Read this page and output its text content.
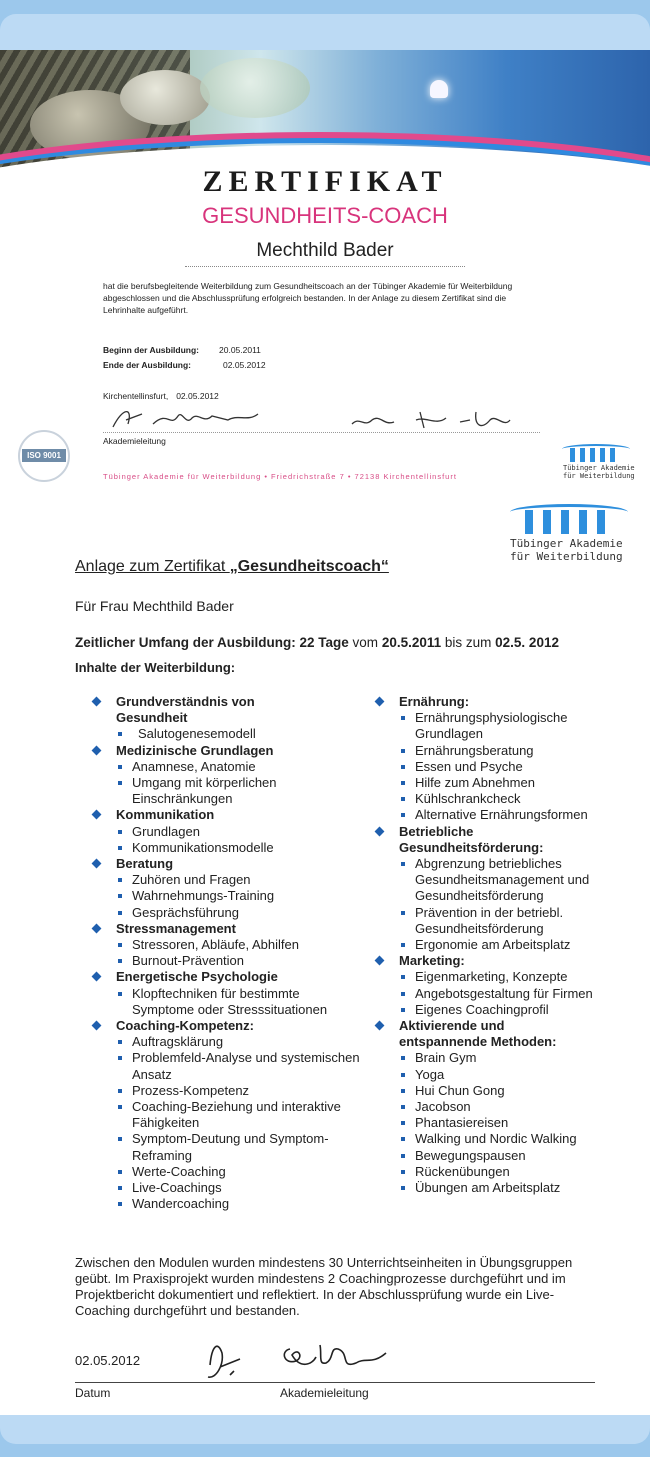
ZERTIFIKAT
GESUNDHEITS-COACH
Mechthild Bader
hat die berufsbegleitende Weiterbildung zum Gesundheitscoach an der Tübinger Akademie für Weiterbildung abgeschlossen und die Abschlussprüfung erfolgreich bestanden. In der Anlage zu diesem Zertifikat sind die Lehrinhalte aufgeführt.
Beginn der Ausbildung: 20.05.2011
Ende der Ausbildung:	02.05.2012
Kirchentellinsfurt, 02.05.2012
Akademieleitung
ISO 9001
Tübinger Akademie für Weiterbildung • Friedrichstraße 7 • 72138 Kirchentellinsfurt
Tübinger Akademie
für Weiterbildung
Tübinger Akademie
für Weiterbildung
Anlage zum Zertifikat „Gesundheitscoach“
Für Frau Mechthild Bader
Zeitlicher Umfang der Ausbildung: 22 Tage vom 20.5.2011 bis zum 02.5. 2012
Inhalte der Weiterbildung:
Grundverständnis von Gesundheit
Salutogenesemodell
Medizinische Grundlagen
Anamnese, Anatomie
Umgang mit körperlichen Einschränkungen
Kommunikation
Grundlagen
Kommunikationsmodelle
Beratung
Zuhören und Fragen
Wahrnehmungs-Training
Gesprächsführung
Stressmanagement
Stressoren, Abläufe, Abhilfen
Burnout-Prävention
Energetische Psychologie
Klopftechniken für bestimmte Symptome oder Stresssituationen
Coaching-Kompetenz:
Auftragsklärung
Problemfeld-Analyse und systemischen Ansatz
Prozess-Kompetenz
Coaching-Beziehung und interaktive Fähigkeiten
Symptom-Deutung und Symptom-Reframing
Werte-Coaching
Live-Coachings
Wandercoaching
Ernährung:
Ernährungsphysiologische Grundlagen
Ernährungsberatung
Essen und Psyche
Hilfe zum Abnehmen
Kühlschrankcheck
Alternative Ernährungsformen
Betriebliche Gesundheitsförderung:
Abgrenzung betriebliches Gesundheitsmanagement und Gesundheitsförderung
Prävention in der betriebl. Gesundheitsförderung
Ergonomie am Arbeitsplatz
Marketing:
Eigenmarketing, Konzepte
Angebotsgestaltung für Firmen
Eigenes Coachingprofil
Aktivierende und entspannende Methoden:
Brain Gym
Yoga
Hui Chun Gong
Jacobson
Phantasiereisen
Walking und Nordic Walking
Bewegungspausen
Rückenübungen
Übungen am Arbeitsplatz
Zwischen den Modulen wurden mindestens 30 Unterrichtseinheiten in Übungsgruppen geübt. Im Praxisprojekt wurden mindestens 2 Coachingprozesse durchgeführt und im Projektbericht dokumentiert und reflektiert. In der Abschlussprüfung wurde ein Live-Coaching durchgeführt und bestanden.
02.05.2012
Datum	Akademieleitung
